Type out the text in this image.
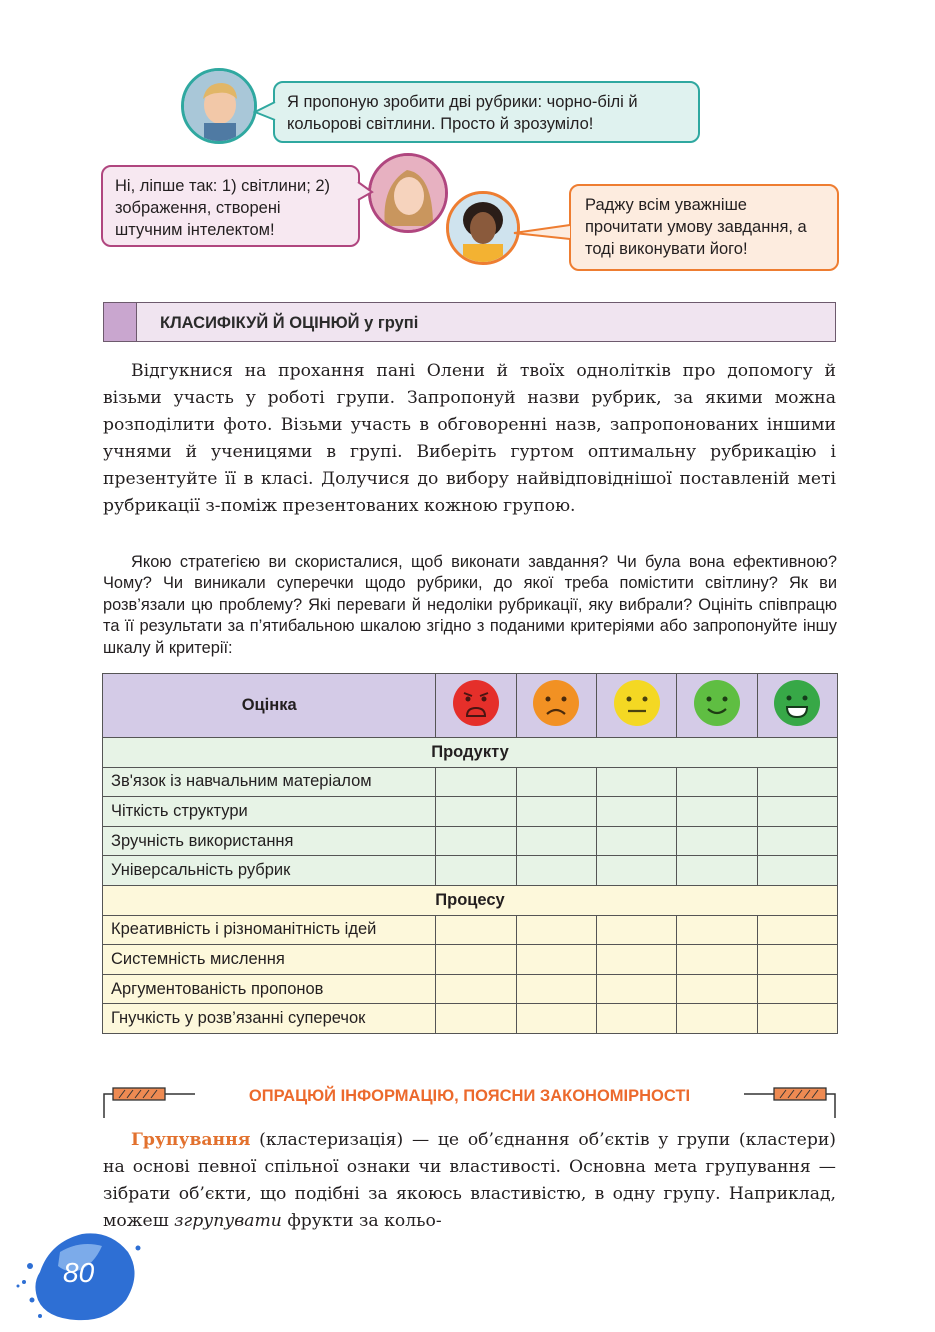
Я пропоную зробити дві рубрики: чорно-білі й кольорові світлини. Просто й зрозуміло!
Ні, ліпше так: 1) світлини; 2) зображення, створені штучним інтелектом!
Раджу всім уважніше прочитати умову завдання, а тоді виконувати його!
КЛАСИФІКУЙ Й ОЦІНЮЙ у групі
Відгукнися на прохання пані Олени й твоїх однолітків про допомогу й візьми участь у роботі групи. Запропонуй назви рубрик, за якими можна розподілити фото. Візьми участь в обговоренні назв, запропонованих іншими учнями й ученицями в групі. Виберіть гуртом оптимальну рубрикацію і презентуйте її в класі. Долучися до вибору найвідповіднішої поставленій меті рубрикації з-поміж презентованих кожною групою.
Якою стратегією ви скористалися, щоб виконати завдання? Чи була вона ефективною? Чому? Чи виникали суперечки щодо рубрики, до якої треба помістити світлину? Як ви розв’язали цю проблему? Які переваги й недоліки рубрикації, яку вибрали? Оцініть співпрацю та її результати за п’ятибальною шкалою згідно з поданими критеріями або запропонуйте іншу шкалу й критерії:
Оцінка					
Продукту					
Зв'язок із навчальним матеріалом					
Чіткість структури					
Зручність використання					
Універсальність рубрик					
Процесу					
Креативність і різноманітність ідей					
Системність мислення					
Аргументованість пропонов					
Гнучкість у розв’язанні суперечок					
ОПРАЦЮЙ ІНФОРМАЦІЮ, ПОЯСНИ ЗАКОНОМІРНОСТІ
Групування (кластеризація) — це об’єднання об’єктів у групи (кластери) на основі певної спільної ознаки чи властивості. Основна мета групування — зібрати об’єкти, що подібні за якоюсь властивістю, в одну групу. Наприклад, можеш згрупувати фрукти за кольо-
80
